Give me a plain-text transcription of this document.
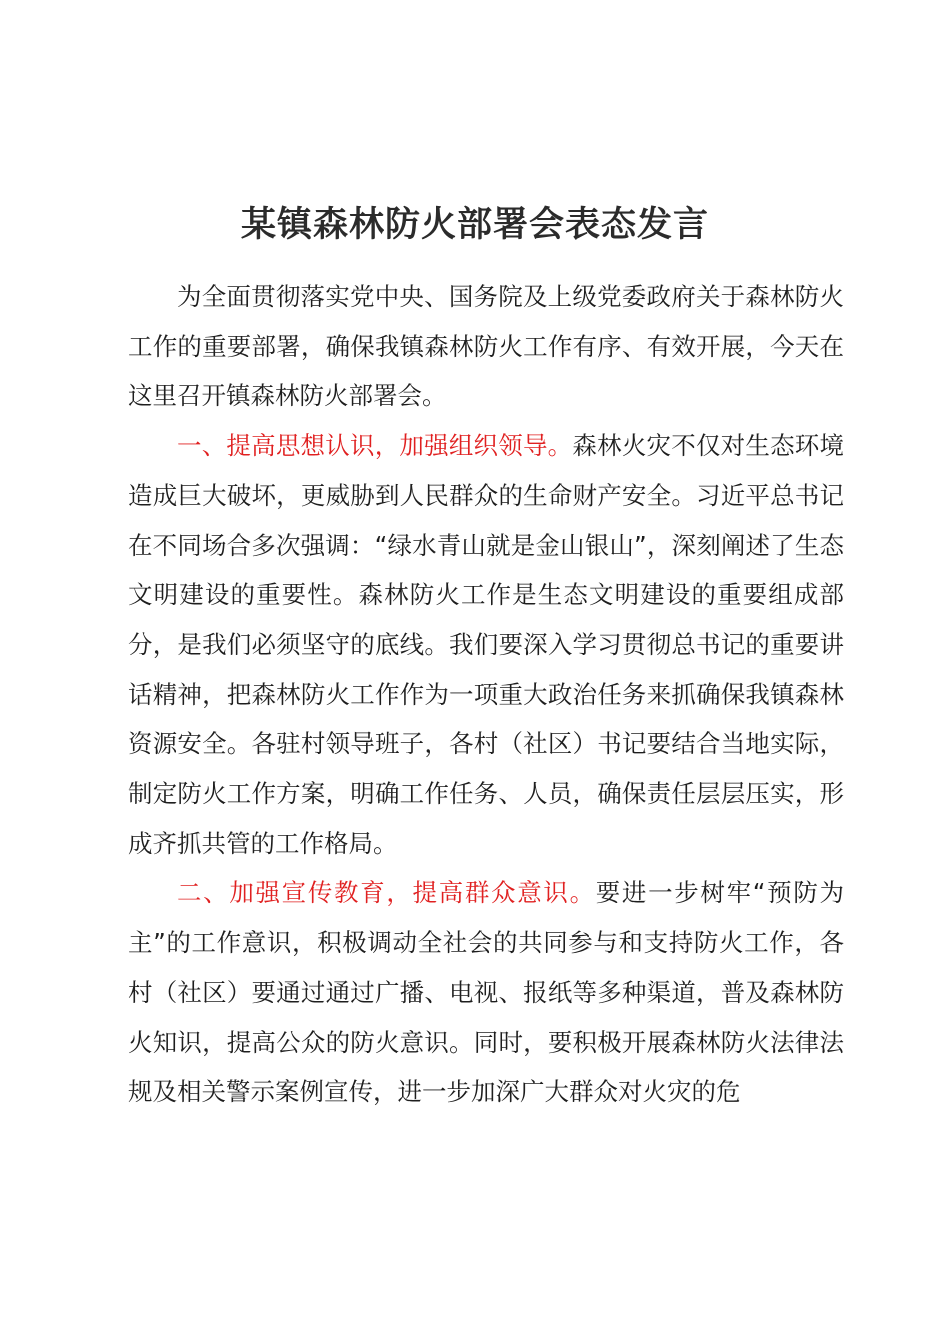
某镇森林防火部署会表态发言

为全面贯彻落实党中央、国务院及上级党委政府关于森林防火工作的重要部署，确保我镇森林防火工作有序、有效开展，今天在这里召开镇森林防火部署会。

一、提高思想认识，加强组织领导。森林火灾不仅对生态环境造成巨大破坏，更威胁到人民群众的生命财产安全。习近平总书记在不同场合多次强调：“绿水青山就是金山银山”，深刻阐述了生态文明建设的重要性。森林防火工作是生态文明建设的重要组成部分，是我们必须坚守的底线。我们要深入学习贯彻总书记的重要讲话精神，把森林防火工作作为一项重大政治任务来抓确保我镇森林资源安全。各驻村领导班子，各村（社区）书记要结合当地实际，制定防火工作方案，明确工作任务、人员，确保责任层层压实，形成齐抓共管的工作格局。

二、加强宣传教育，提高群众意识。要进一步树牢“预防为主”的工作意识，积极调动全社会的共同参与和支持防火工作，各村（社区）要通过通过广播、电视、报纸等多种渠道，普及森林防火知识，提高公众的防火意识。同时，要积极开展森林防火法律法规及相关警示案例宣传，进一步加深广大群众对火灾的危
